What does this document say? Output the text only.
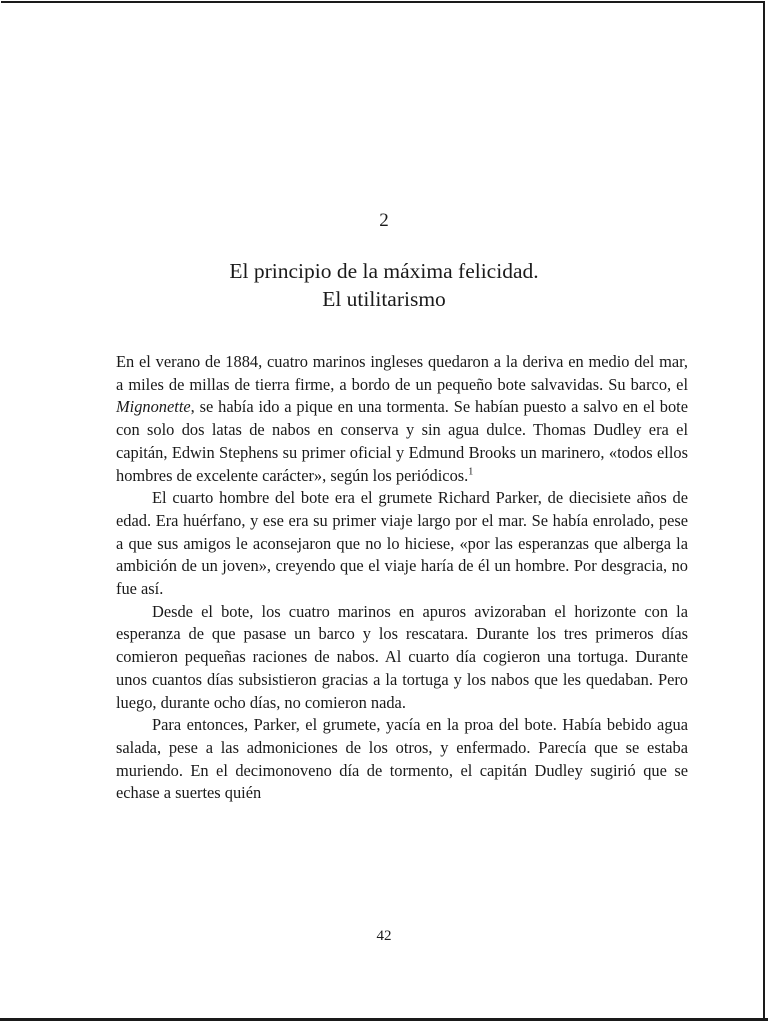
2
El principio de la máxima felicidad.
El utilitarismo

En el verano de 1884, cuatro marinos ingleses quedaron a la deriva en medio del mar, a miles de millas de tierra firme, a bordo de un pequeño bote salvavidas. Su barco, el Mignonette, se había ido a pique en una tormenta. Se habían puesto a salvo en el bote con solo dos latas de nabos en conserva y sin agua dulce. Thomas Dudley era el capitán, Edwin Stephens su primer oficial y Edmund Brooks un marinero, «todos ellos hombres de excelente carácter», según los periódicos.$^1$

El cuarto hombre del bote era el grumete Richard Parker, de diecisiete años de edad. Era huérfano, y ese era su primer viaje largo por el mar. Se había enrolado, pese a que sus amigos le aconsejaron que no lo hiciese, «por las esperanzas que alberga la ambición de un joven», creyendo que el viaje haría de él un hombre. Por desgracia, no fue así.

Desde el bote, los cuatro marinos en apuros avizoraban el horizonte con la esperanza de que pasase un barco y los rescatara. Durante los tres primeros días comieron pequeñas raciones de nabos. Al cuarto día cogieron una tortuga. Durante unos cuantos días subsistieron gracias a la tortuga y los nabos que les quedaban. Pero luego, durante ocho días, no comieron nada.

Para entonces, Parker, el grumete, yacía en la proa del bote. Había bebido agua salada, pese a las admoniciones de los otros, y enfermado. Parecía que se estaba muriendo. En el decimonoveno día de tormento, el capitán Dudley sugirió que se echase a suertes quién

42
